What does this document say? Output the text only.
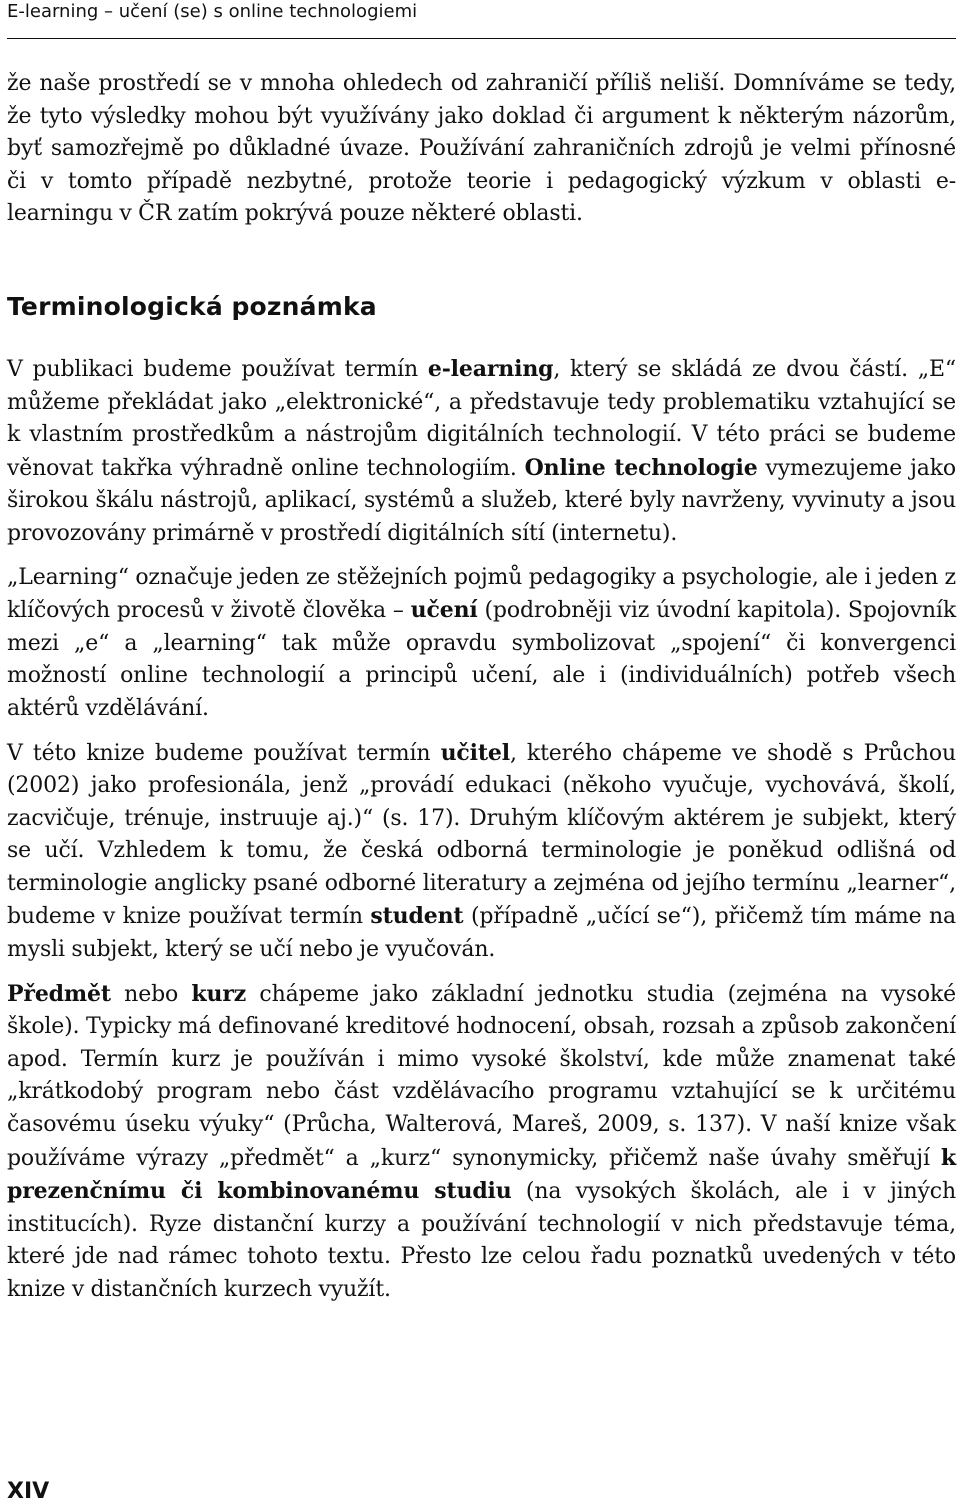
E-learning – učení (se) s online technologiemi

že naše prostředí se v mnoha ohledech od zahraničí příliš neliší. Domníváme se tedy, že tyto výsledky mohou být využívány jako doklad či argument k některým názorům, byť samozřejmě po důkladné úvaze. Používání zahraničních zdrojů je velmi přínosné či v tomto případě nezbytné, protože teorie i pedagogický výzkum v oblasti e-learningu v ČR zatím pokrývá pouze některé oblasti.

Terminologická poznámka

V publikaci budeme používat termín e-learning, který se skládá ze dvou částí. „E“ můžeme překládat jako „elektronické“, a představuje tedy problematiku vztahující se k vlastním prostředkům a nástrojům digitálních technologií. V této práci se budeme věnovat takřka výhradně online technologiím. Online technologie vymezujeme jako širokou škálu nástrojů, aplikací, systémů a služeb, které byly navrženy, vyvinuty a jsou provozovány primárně v prostředí digitálních sítí (internetu).

„Learning“ označuje jeden ze stěžejních pojmů pedagogiky a psychologie, ale i jeden z klíčových procesů v životě člověka – učení (podrobněji viz úvodní kapitola). Spojovník mezi „e“ a „learning“ tak může opravdu symbolizovat „spojení“ či konvergenci možností online technologií a principů učení, ale i (individuálních) potřeb všech aktérů vzdělávání.

V této knize budeme používat termín učitel, kterého chápeme ve shodě s Průchou (2002) jako profesionála, jenž „provádí edukaci (někoho vyučuje, vychovává, školí, zacvičuje, trénuje, instruuje aj.)“ (s. 17). Druhým klíčovým aktérem je subjekt, který se učí. Vzhledem k tomu, že česká odborná terminologie je poněkud odlišná od terminologie anglicky psané odborné literatury a zejména od jejího termínu „learner“, budeme v knize používat termín student (případně „učící se“), přičemž tím máme na mysli subjekt, který se učí nebo je vyučován.

Předmět nebo kurz chápeme jako základní jednotku studia (zejména na vysoké škole). Typicky má definované kreditové hodnocení, obsah, rozsah a způsob zakončení apod. Termín kurz je používán i mimo vysoké školství, kde může znamenat také „krátkodobý program nebo část vzdělávacího programu vztahující se k určitému časovému úseku výuky“ (Průcha, Walterová, Mareš, 2009, s. 137). V naší knize však používáme výrazy „předmět“ a „kurz“ synonymicky, přičemž naše úvahy směřují k prezenčnímu či kombinovanému studiu (na vysokých školách, ale i v jiných institucích). Ryze distanční kurzy a používání technologií v nich představuje téma, které jde nad rámec tohoto textu. Přesto lze celou řadu poznatků uvedených v této knize v distančních kurzech využít.

XIV
